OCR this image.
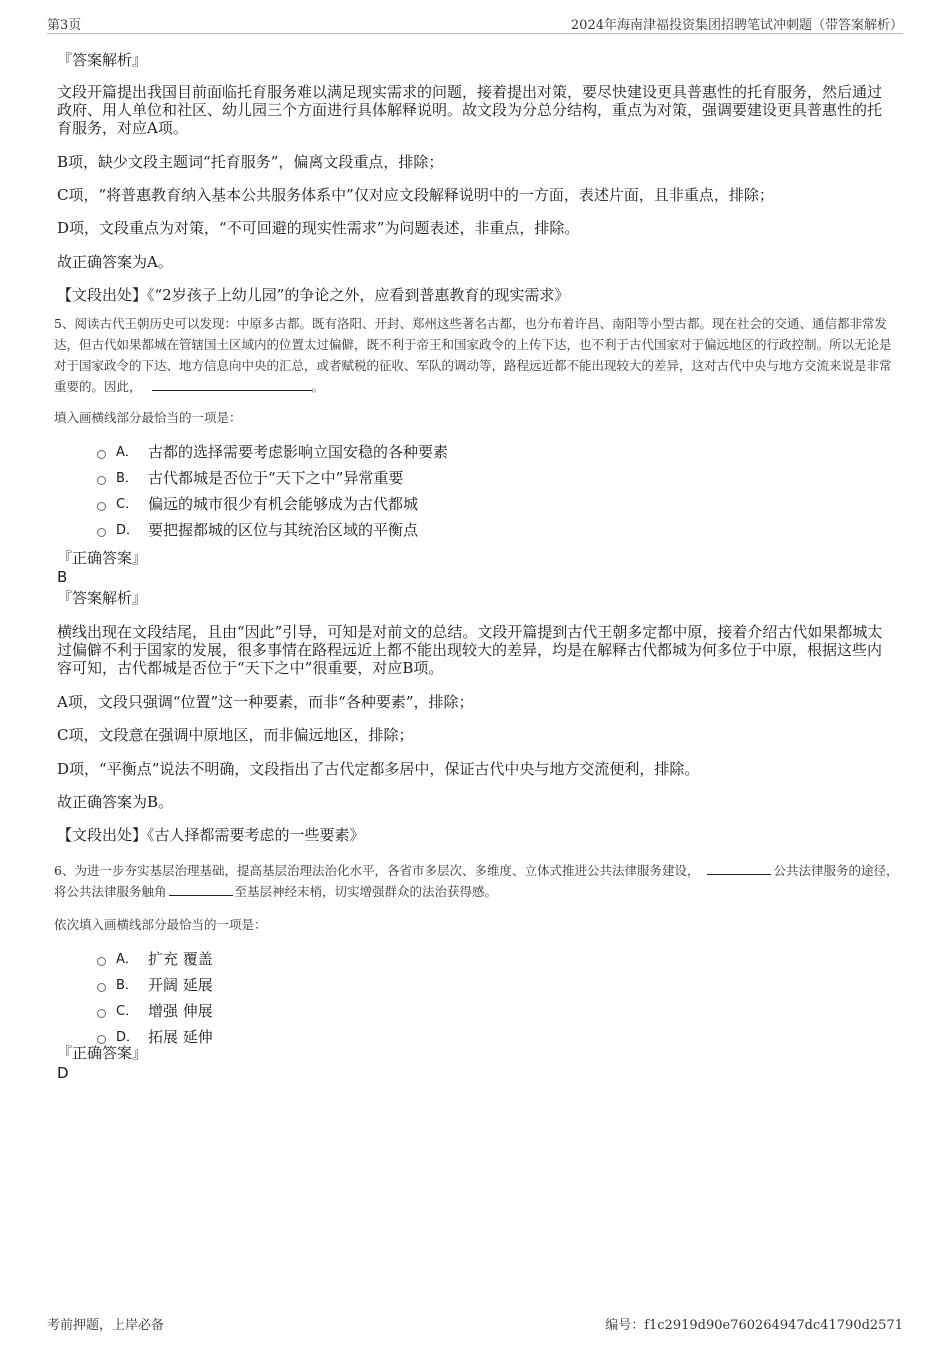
第3页	2024年海南津福投资集团招聘笔试冲刺题（带答案解析）
『答案解析』
文段开篇提出我国目前面临托育服务难以满足现实需求的问题，接着提出对策，要尽快建设更具普惠性的托育服务，然后通过政府、用人单位和社区、幼儿园三个方面进行具体解释说明。故文段为分总分结构，重点为对策，强调要建设更具普惠性的托育服务，对应A项。
B项，缺少文段主题词“托育服务”，偏离文段重点，排除；
C项，“将普惠教育纳入基本公共服务体系中”仅对应文段解释说明中的一方面，表述片面，且非重点，排除；
D项，文段重点为对策，“不可回避的现实性需求”为问题表述，非重点，排除。
故正确答案为A。
【文段出处】《“2岁孩子上幼儿园”的争论之外，应看到普惠教育的现实需求》
5、阅读古代王朝历史可以发现：中原多古都。既有洛阳、开封、郑州这些著名古都，也分布着许昌、南阳等小型古都。现在社会的交通、通信都非常发达，但古代如果都城在管辖国土区域内的位置太过偏僻，既不利于帝王和国家政令的上传下达，也不利于古代国家对于偏远地区的行政控制。所以无论是对于国家政令的下达、地方信息向中央的汇总，或者赋税的征收、军队的调动等，路程远近都不能出现较大的差异，这对古代中央与地方交流来说是非常重要的。因此，	。
填入画横线部分最恰当的一项是：
A． 古都的选择需要考虑影响立国安稳的各种要素
B． 古代都城是否位于“天下之中”异常重要
C． 偏远的城市很少有机会能够成为古代都城
D． 要把握都城的区位与其统治区域的平衡点
『正确答案』
B
『答案解析』
横线出现在文段结尾，且由“因此”引导，可知是对前文的总结。文段开篇提到古代王朝多定都中原，接着介绍古代如果都城太过偏僻不利于国家的发展，很多事情在路程远近上都不能出现较大的差异，均是在解释古代都城为何多位于中原，根据这些内容可知，古代都城是否位于“天下之中”很重要，对应B项。
A项，文段只强调“位置”这一种要素，而非“各种要素”，排除；
C项，文段意在强调中原地区，而非偏远地区，排除；
D项，“平衡点”说法不明确，文段指出了古代定都多居中，保证古代中央与地方交流便利，排除。
故正确答案为B。
【文段出处】《古人择都需要考虑的一些要素》
6、为进一步夯实基层治理基础，提高基层治理法治化水平，各省市多层次、多维度、立体式推进公共法律服务建设，	公共法律服务的途径，将公共法律服务触角	至基层神经末梢，切实增强群众的法治获得感。
依次填入画横线部分最恰当的一项是：
A． 扩充 覆盖
B． 开阔 延展
C． 增强 伸展
D． 拓展 延伸
『正确答案』
D
考前押题，上岸必备	编号：f1c2919d90e760264947dc41790d2571
